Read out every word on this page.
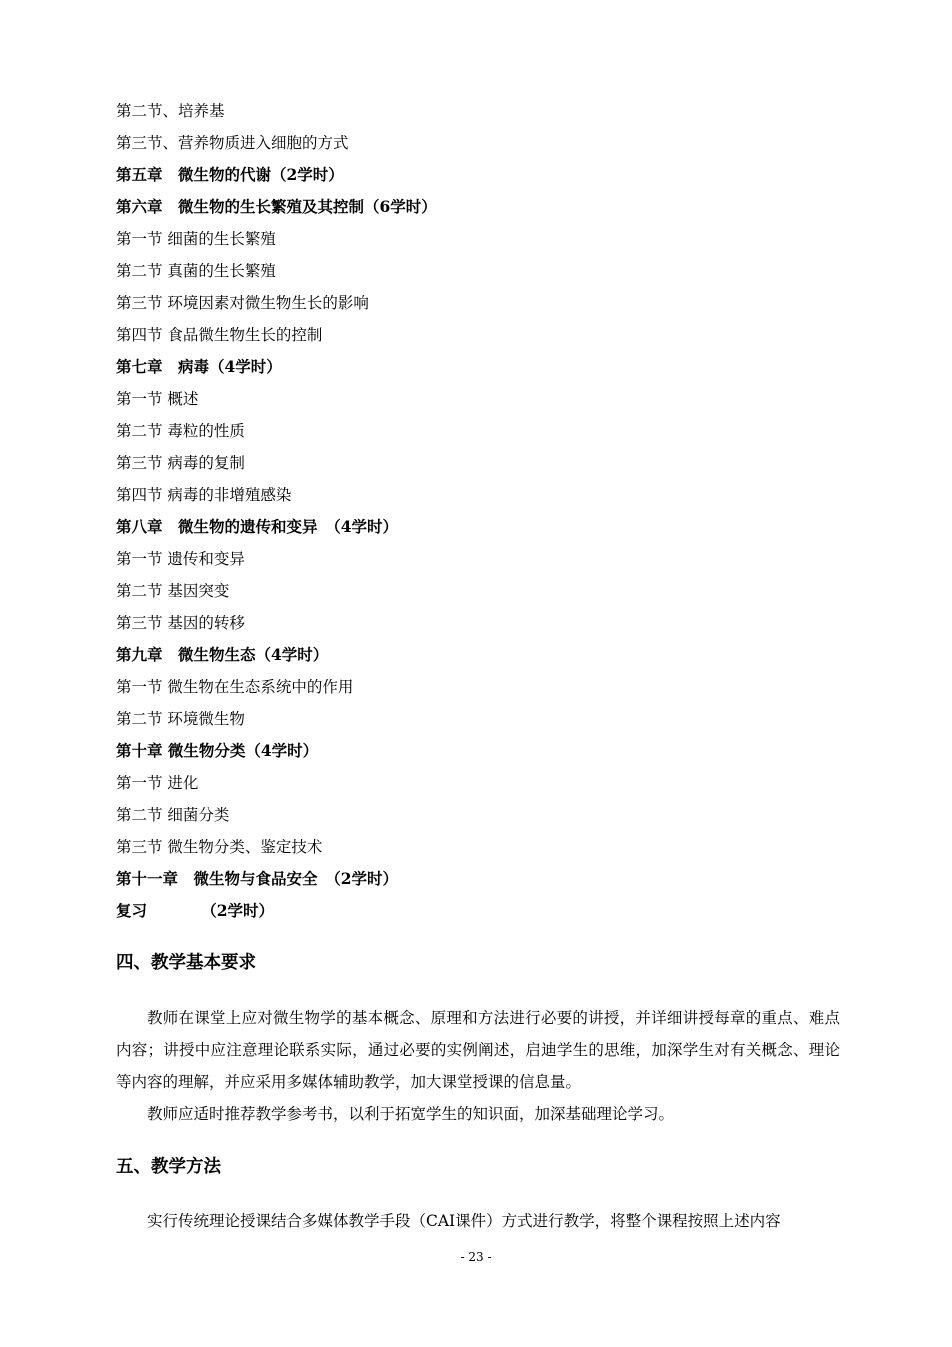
第二节、培养基
第三节、营养物质进入细胞的方式
第五章　微生物的代谢（2学时）
第六章　微生物的生长繁殖及其控制（6学时）
第一节 细菌的生长繁殖
第二节 真菌的生长繁殖
第三节 环境因素对微生物生长的影响
第四节 食品微生物生长的控制
第七章　病毒（4学时）
第一节 概述
第二节 毒粒的性质
第三节 病毒的复制
第四节 病毒的非增殖感染
第八章　微生物的遗传和变异　（4学时）
第一节 遗传和变异
第二节 基因突变
第三节 基因的转移
第九章　微生物生态（4学时）
第一节 微生物在生态系统中的作用
第二节 环境微生物
第十章 微生物分类（4学时）
第一节 进化
第二节 细菌分类
第三节 微生物分类、鉴定技术
第十一章　微生物与食品安全　（2学时）
复习　　　　（2学时）
四、教学基本要求
教师在课堂上应对微生物学的基本概念、原理和方法进行必要的讲授，并详细讲授每章的重点、难点内容；讲授中应注意理论联系实际，通过必要的实例阐述，启迪学生的思维，加深学生对有关概念、理论等内容的理解，并应采用多媒体辅助教学，加大课堂授课的信息量。
教师应适时推荐教学参考书，以利于拓宽学生的知识面，加深基础理论学习。
五、教学方法
实行传统理论授课结合多媒体教学手段（CAI课件）方式进行教学，将整个课程按照上述内容
- 23 -
